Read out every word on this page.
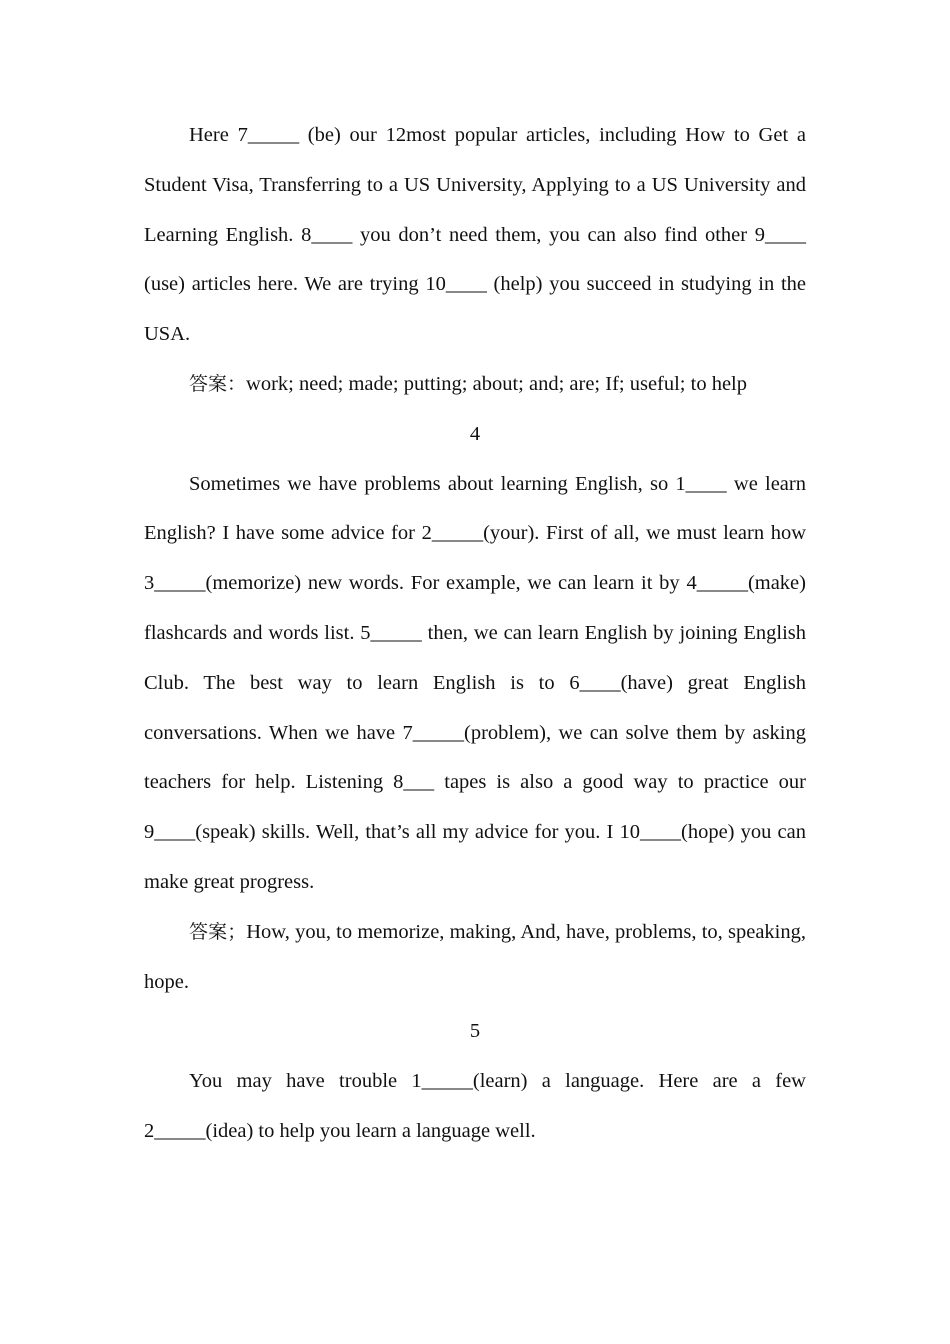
Here 7_____ (be) our 12most popular articles, including How to Get a Student Visa, Transferring to a US University, Applying to a US University and Learning English. 8____ you don’t need them, you can also find other 9____ (use) articles here. We are trying 10____ (help) you succeed in studying in the USA.

答案：work; need; made; putting; about; and; are; If; useful; to help

4

Sometimes we have problems about learning English, so 1____ we learn English? I have some advice for 2_____(your). First of all, we must learn how 3_____(memorize) new words. For example, we can learn it by 4_____(make) flashcards and words list. 5_____ then, we can learn English by joining English Club. The best way to learn English is to 6____(have) great English conversations. When we have 7_____(problem), we can solve them by asking teachers for help. Listening 8___ tapes is also a good way to practice our 9____(speak) skills. Well, that’s all my advice for you. I 10____(hope) you can make great progress.

答案；How, you, to memorize, making, And, have, problems, to, speaking, hope.

5

You may have trouble 1_____(learn) a language. Here are a few 2_____(idea) to help you learn a language well.
